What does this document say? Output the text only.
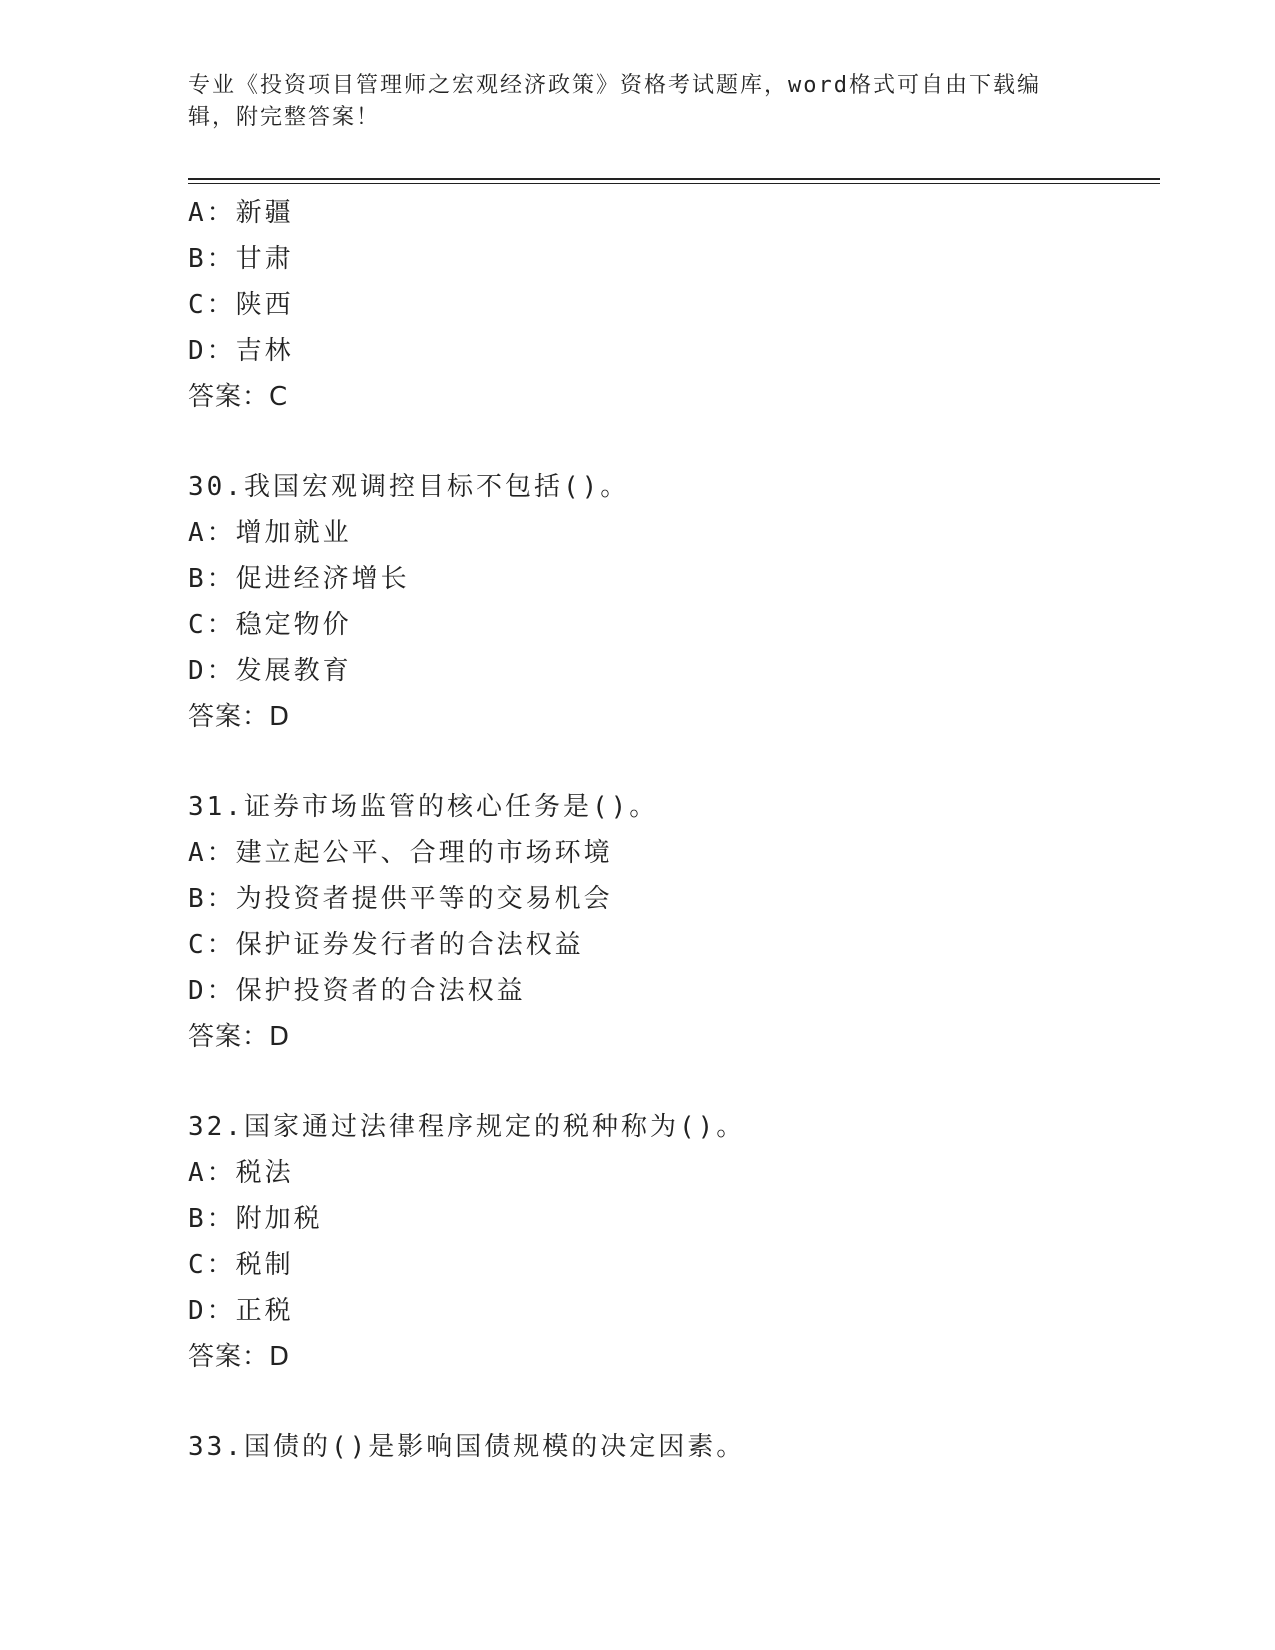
专业《投资项目管理师之宏观经济政策》资格考试题库，word格式可自由下载编
辑，附完整答案！
A：新疆
B：甘肃
C：陕西
D：吉林
答案：C
30.我国宏观调控目标不包括()。
A：增加就业
B：促进经济增长
C：稳定物价
D：发展教育
答案：D
31.证券市场监管的核心任务是()。
A：建立起公平、合理的市场环境
B：为投资者提供平等的交易机会
C：保护证券发行者的合法权益
D：保护投资者的合法权益
答案：D
32.国家通过法律程序规定的税种称为()。
A：税法
B：附加税
C：税制
D：正税
答案：D
33.国债的()是影响国债规模的决定因素。
